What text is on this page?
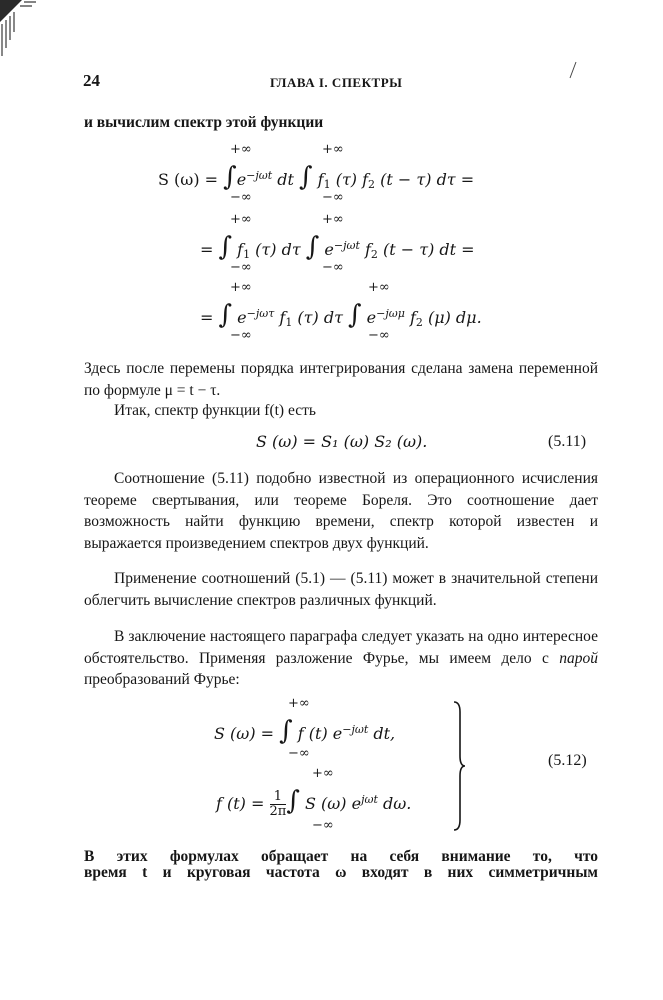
24	ГЛАВА I. СПЕКТРЫ
и вычислим спектр этой функции
+∞
−∞
+∞
−∞
S $(\omega) = \int e^{-j\omega t}$ dt ∫ $f_1$ (τ) $f_2$ (t − τ) dτ =
+∞
−∞
+∞
−∞
= ∫ $f_1$ (τ) dτ ∫ $e^{-j\omega t}$ $f_2$ (t − τ) dt =
+∞
−∞
+∞
−∞
= ∫ $e^{-j\omega\tau}$ $f_1$ (τ) dτ ∫ $e^{-j\omega\mu}$ $f_2$ (μ) dμ.
Здесь после перемены порядка интегрирования сделана замена переменной по формуле μ = t − τ.
Итак, спектр функции f(t) есть
S (ω) = S₁ (ω) S₂ (ω).	(5.11)
Соотношение (5.11) подобно известной из операционного исчисления теореме свертывания, или теореме Бореля. Это соотношение дает возможность найти функцию времени, спектр которой известен и выражается произведением спектров двух функций.
Применение соотношений (5.1) — (5.11) может в значительной степени облегчить вычисление спектров различных функций.
В заключение настоящего параграфа следует указать на одно интересное обстоятельство. Применяя разложение Фурье, мы имеем дело с парой преобразований Фурье:
+∞
−∞
S (ω) = ∫ f (t) $e^{-j\omega t}$ dt,
+∞
−∞
f $(t) = \frac{1}{2\pi}$ ∫ S (ω) $e^{j\omega t}$ dω.
(5.12)
В этих формулах обращает на себя внимание то, что
время t и круговая частота ω входят в них симметричным
